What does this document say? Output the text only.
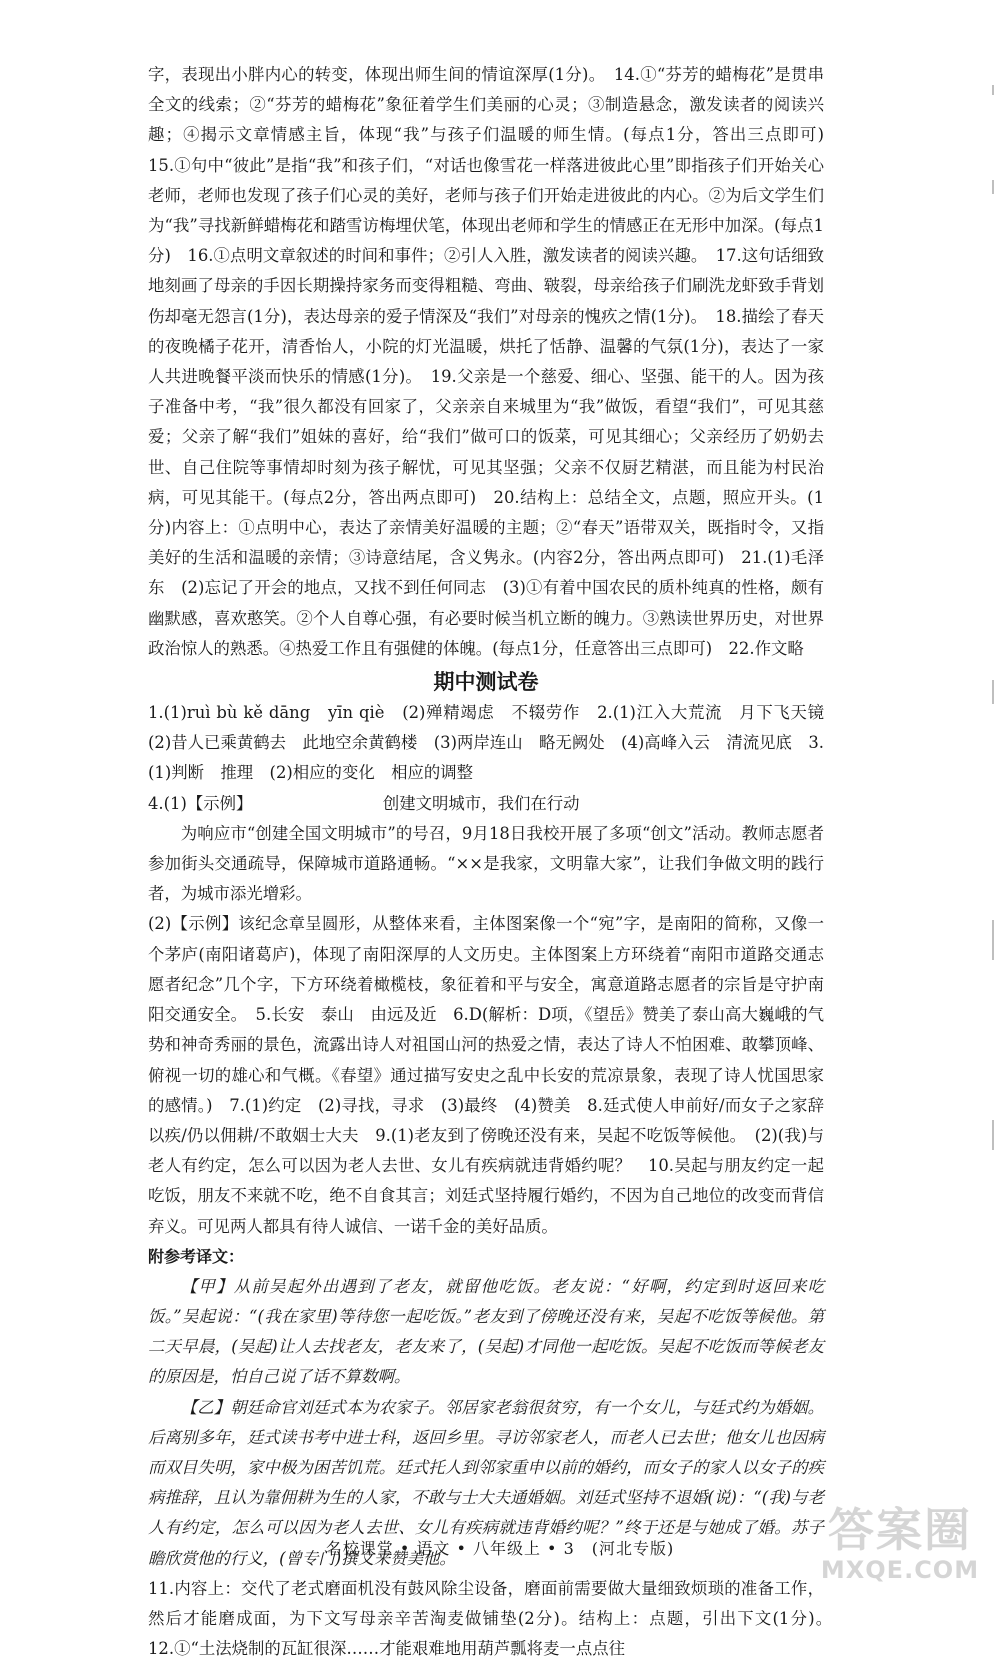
字，表现出小胖内心的转变，体现出师生间的情谊深厚(1分)。　14.①“芬芳的蜡梅花”是贯串全文的线索；②“芬芳的蜡梅花”象征着学生们美丽的心灵；③制造悬念，激发读者的阅读兴趣；④揭示文章情感主旨，体现“我”与孩子们温暖的师生情。(每点1分，答出三点即可)　15.①句中“彼此”是指“我”和孩子们，“对话也像雪花一样落进彼此心里”即指孩子们开始关心老师，老师也发现了孩子们心灵的美好，老师与孩子们开始走进彼此的内心。②为后文学生们为“我”寻找新鲜蜡梅花和踏雪访梅埋伏笔，体现出老师和学生的情感正在无形中加深。(每点1分)　16.①点明文章叙述的时间和事件；②引人入胜，激发读者的阅读兴趣。　17.这句话细致地刻画了母亲的手因长期操持家务而变得粗糙、弯曲、皲裂，母亲给孩子们刷洗龙虾致手背划伤却毫无怨言(1分)，表达母亲的爱子情深及“我们”对母亲的愧疚之情(1分)。　18.描绘了春天的夜晚橘子花开，清香怡人，小院的灯光温暖，烘托了恬静、温馨的气氛(1分)，表达了一家人共进晚餐平淡而快乐的情感(1分)。　19.父亲是一个慈爱、细心、坚强、能干的人。因为孩子准备中考，“我”很久都没有回家了，父亲亲自来城里为“我”做饭，看望“我们”，可见其慈爱；父亲了解“我们”姐妹的喜好，给“我们”做可口的饭菜，可见其细心；父亲经历了奶奶去世、自己住院等事情却时刻为孩子解忧，可见其坚强；父亲不仅厨艺精湛，而且能为村民治病，可见其能干。(每点2分，答出两点即可)　20.结构上：总结全文，点题，照应开头。(1分)内容上：①点明中心，表达了亲情美好温暖的主题；②“春天”语带双关，既指时令，又指美好的生活和温暖的亲情；③诗意结尾，含义隽永。(内容2分，答出两点即可)　21.(1)毛泽东　(2)忘记了开会的地点，又找不到任何同志　(3)①有着中国农民的质朴纯真的性格，颇有幽默感，喜欢憨笑。②个人自尊心强，有必要时候当机立断的魄力。③熟读世界历史，对世界政治惊人的熟悉。④热爱工作且有强健的体魄。(每点1分，任意答出三点即可)　22.作文略

期中测试卷

1.(1)ruì bù kě dāng　yīn qiè　(2)殚精竭虑　不辍劳作　2.(1)江入大荒流　月下飞天镜　(2)昔人已乘黄鹤去　此地空余黄鹤楼　(3)两岸连山　略无阙处　(4)高峰入云　清流见底　3.(1)判断　推理　(2)相应的变化　相应的调整

4.(1)【示例】	创建文明城市，我们在行动

为响应市“创建全国文明城市”的号召，9月18日我校开展了多项“创文”活动。教师志愿者参加街头交通疏导，保障城市道路通畅。“××是我家，文明靠大家”，让我们争做文明的践行者，为城市添光增彩。

(2)【示例】该纪念章呈圆形，从整体来看，主体图案像一个“宛”字，是南阳的简称，又像一个茅庐(南阳诸葛庐)，体现了南阳深厚的人文历史。主体图案上方环绕着“南阳市道路交通志愿者纪念”几个字，下方环绕着橄榄枝，象征着和平与安全，寓意道路志愿者的宗旨是守护南阳交通安全。　5.长安　泰山　由远及近　6.D(解析：D项，《望岳》赞美了泰山高大巍峨的气势和神奇秀丽的景色，流露出诗人对祖国山河的热爱之情，表达了诗人不怕困难、敢攀顶峰、俯视一切的雄心和气概。《春望》通过描写安史之乱中长安的荒凉景象，表现了诗人忧国思家的感情。)　7.(1)约定　(2)寻找，寻求　(3)最终　(4)赞美　8.廷式使人申前好/而女子之家辞以疾/仍以佣耕/不敢姻士大夫　9.(1)老友到了傍晚还没有来，吴起不吃饭等候他。　(2)(我)与老人有约定，怎么可以因为老人去世、女儿有疾病就违背婚约呢？　10.吴起与朋友约定一起吃饭，朋友不来就不吃，绝不自食其言；刘廷式坚持履行婚约，不因为自己地位的改变而背信弃义。可见两人都具有待人诚信、一诺千金的美好品质。

附参考译文：

【甲】从前吴起外出遇到了老友，就留他吃饭。老友说：“好啊，约定到时返回来吃饭。”吴起说：“(我在家里)等待您一起吃饭。”老友到了傍晚还没有来，吴起不吃饭等候他。第二天早晨，(吴起)让人去找老友，老友来了，(吴起)才同他一起吃饭。吴起不吃饭而等候老友的原因是，怕自己说了话不算数啊。

【乙】朝廷命官刘廷式本为农家子。邻居家老翁很贫穷，有一个女儿，与廷式约为婚姻。后离别多年，廷式读书考中进士科，返回乡里。寻访邻家老人，而老人已去世；他女儿也因病而双目失明，家中极为困苦饥荒。廷式托人到邻家重申以前的婚约，而女子的家人以女子的疾病推辞，且认为靠佣耕为生的人家，不敢与士大夫通婚姻。刘廷式坚持不退婚(说)：“(我)与老人有约定，怎么可以因为老人去世、女儿有疾病就违背婚约呢？”终于还是与她成了婚。苏子瞻欣赏他的行义，(曾专门)撰文来赞美他。

11.内容上：交代了老式磨面机没有鼓风除尘设备，磨面前需要做大量细致烦琐的准备工作，然后才能磨成面，为下文写母亲辛苦淘麦做铺垫(2分)。结构上：点题，引出下文(1分)。　12.①“土法烧制的瓦缸很深……才能艰难地用葫芦瓢将麦一点点往

名校课堂 • 语文 • 八年级上 • 3　(河北专版)	答案圈
MXQE.COM
